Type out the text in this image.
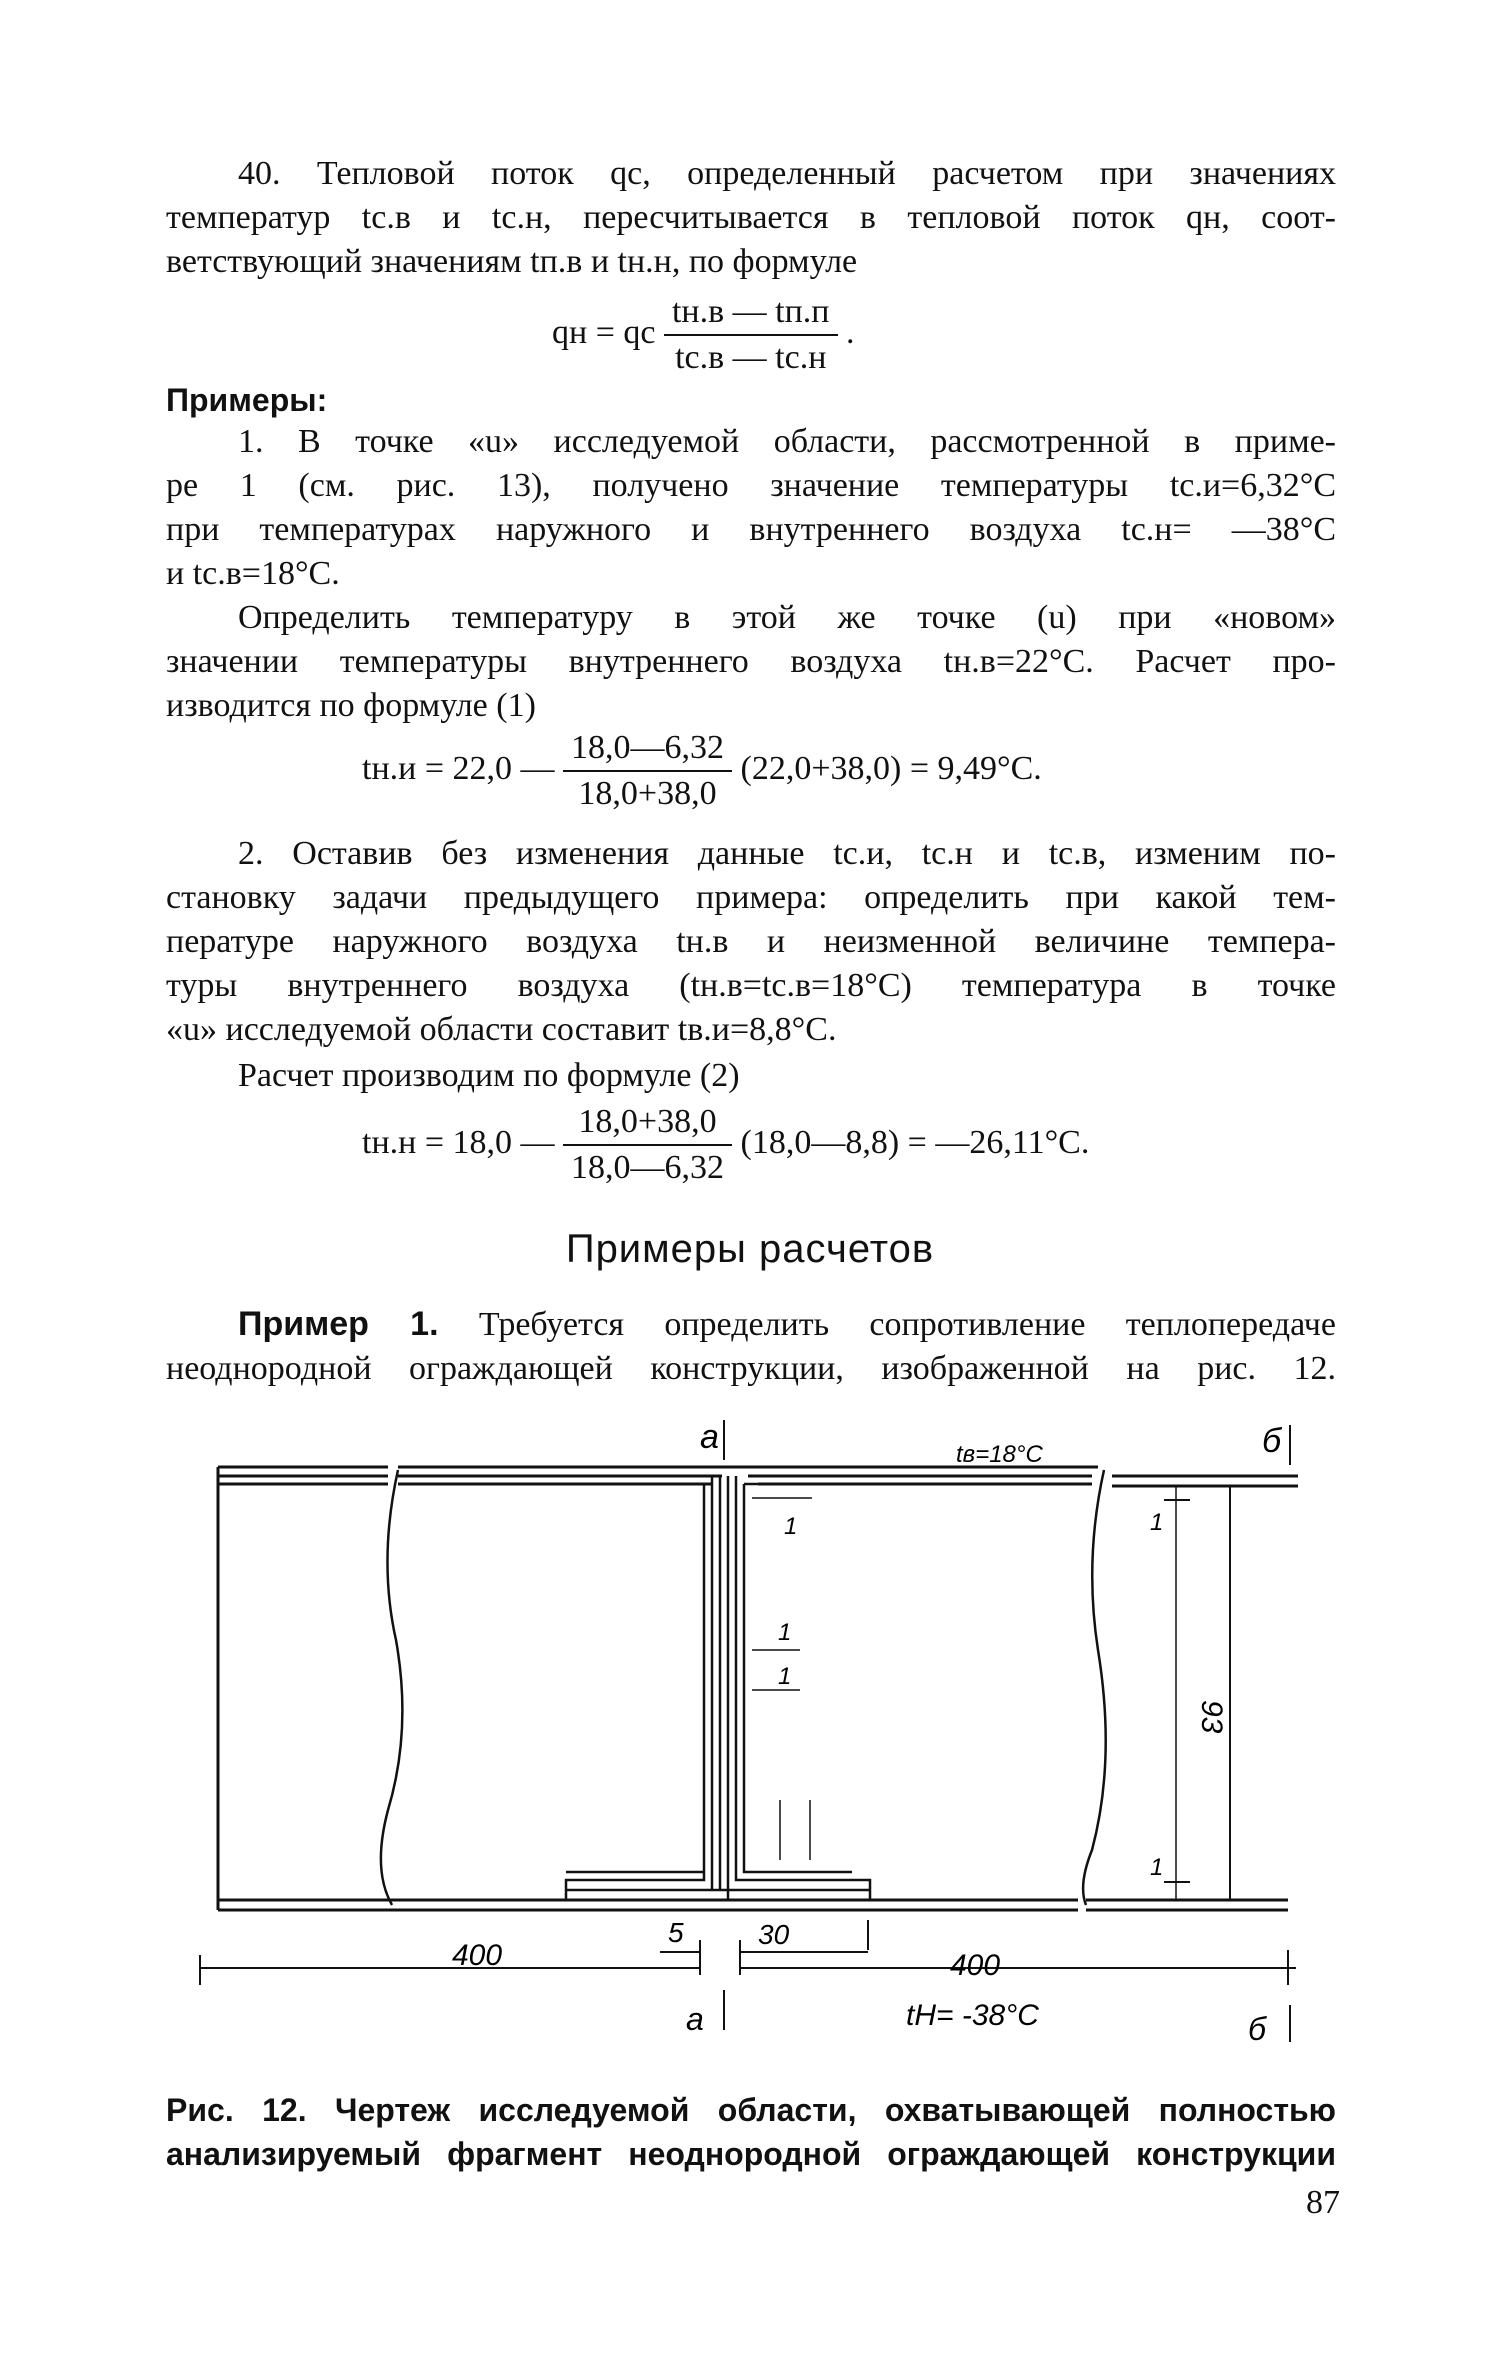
40. Тепловой поток qс, определенный расчетом при значениях
температур tс.в и tс.н, пересчитывается в тепловой поток qн, соот-
ветствующий значениям tп.в и tн.н, по формуле
qн = qс $\frac{tн.в — tп.п}{tс.в — tс.н}$ .
Примеры:
1. В точке «u» исследуемой области, рассмотренной в приме-
ре 1 (см. рис. 13), получено значение температуры tс.и=6,32°С
при температурах наружного и внутреннего воздуха tс.н= —38°С
и tс.в=18°С.
Определить температуру в этой же точке (u) при «новом»
значении температуры внутреннего воздуха tн.в=22°С. Расчет про-
изводится по формуле (1)
tн.и = 22,0 — $\frac{18,0—6,32}{18,0+38,0} (22,0+38,0) = 9,49^\circ С$.
2. Оставив без изменения данные tс.и, tс.н и tс.в, изменим по-
становку задачи предыдущего примера: определить при какой тем-
пературе наружного воздуха tн.в и неизменной величине темпера-
туры внутреннего воздуха (tн.в=tс.в=18°С) температура в точке
«u» исследуемой области составит tв.и=8,8°С.
Расчет производим по формуле (2)
tн.н = 18,0 — $\frac{18,0+38,0}{18,0—6,32}$ (18,0—8,8) = —26,11°С.
Примеры расчетов
Пример 1. Требуется определить сопротивление теплопередаче
неоднородной ограждающей конструкции, изображенной на рис. 12.
a	б
tв=18°С
400	400
5	30
93
1
1
1
1
1
a	tН= -38°С	б
Рис. 12. Чертеж исследуемой области, охватывающей полностью
анализируемый фрагмент неоднородной ограждающей конструкции
87
